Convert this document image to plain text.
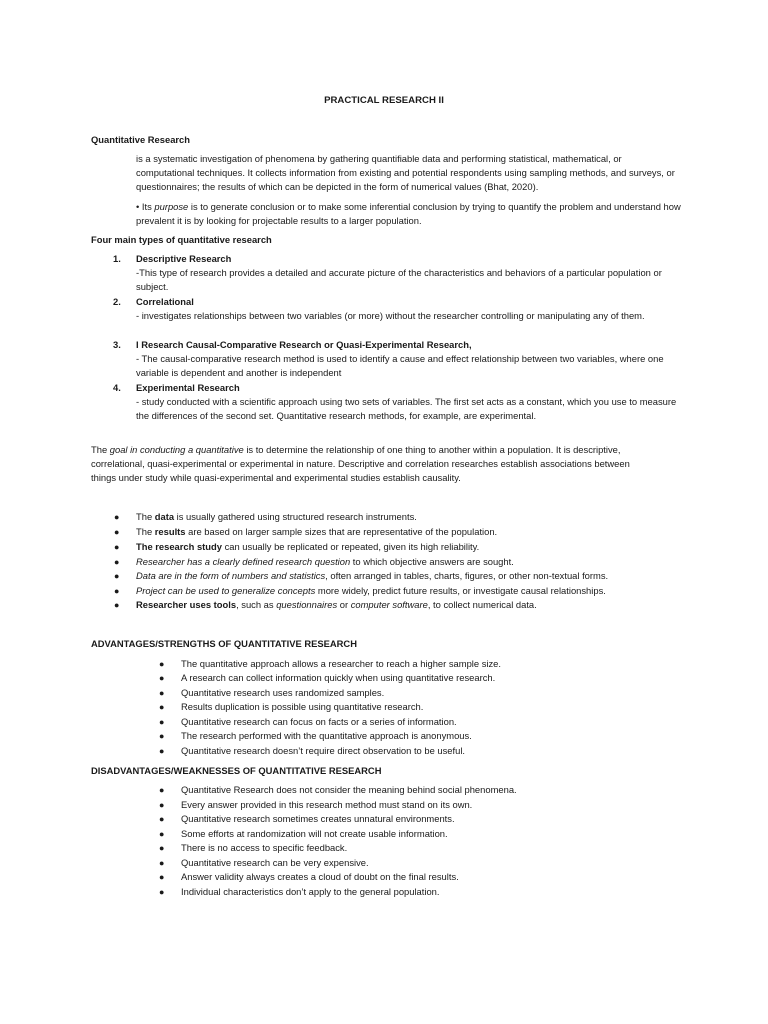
PRACTICAL RESEARCH II
Quantitative Research
is a systematic investigation of phenomena by gathering quantifiable data and performing statistical, mathematical, or computational techniques. It collects information from existing and potential respondents using sampling methods, and surveys, or questionnaires; the results of which can be depicted in the form of numerical values (Bhat, 2020).
• Its purpose is to generate conclusion or to make some inferential conclusion by trying to quantify the problem and understand how prevalent it is by looking for projectable results to a larger population.
Four main types of quantitative research
1. Descriptive Research
-This type of research provides a detailed and accurate picture of the characteristics and behaviors of a particular population or subject.
2. Correlational
- investigates relationships between two variables (or more) without the researcher controlling or manipulating any of them.
3. I Research Causal-Comparative Research or Quasi-Experimental Research,
- The causal-comparative research method is used to identify a cause and effect relationship between two variables, where one variable is dependent and another is independent
4. Experimental Research
- study conducted with a scientific approach using two sets of variables. The first set acts as a constant, which you use to measure the differences of the second set. Quantitative research methods, for example, are experimental.
The goal in conducting a quantitative is to determine the relationship of one thing to another within a population. It is descriptive, correlational, quasi-experimental or experimental in nature. Descriptive and correlation researches establish associations between things under study while quasi-experimental and experimental studies establish causality.
● The data is usually gathered using structured research instruments.
● The results are based on larger sample sizes that are representative of the population.
● The research study can usually be replicated or repeated, given its high reliability.
● Researcher has a clearly defined research question to which objective answers are sought.
● Data are in the form of numbers and statistics, often arranged in tables, charts, figures, or other non-textual forms.
● Project can be used to generalize concepts more widely, predict future results, or investigate causal relationships.
● Researcher uses tools, such as questionnaires or computer software, to collect numerical data.
ADVANTAGES/STRENGTHS OF QUANTITATIVE RESEARCH
● The quantitative approach allows a researcher to reach a higher sample size.
● A research can collect information quickly when using quantitative research.
● Quantitative research uses randomized samples.
● Results duplication is possible using quantitative research.
● Quantitative research can focus on facts or a series of information.
● The research performed with the quantitative approach is anonymous.
● Quantitative research doesn’t require direct observation to be useful.
DISADVANTAGES/WEAKNESSES OF QUANTITATIVE RESEARCH
● Quantitative Research does not consider the meaning behind social phenomena.
● Every answer provided in this research method must stand on its own.
● Quantitative research sometimes creates unnatural environments.
● Some efforts at randomization will not create usable information.
● There is no access to specific feedback.
● Quantitative research can be very expensive.
● Answer validity always creates a cloud of doubt on the final results.
● Individual characteristics don’t apply to the general population.
